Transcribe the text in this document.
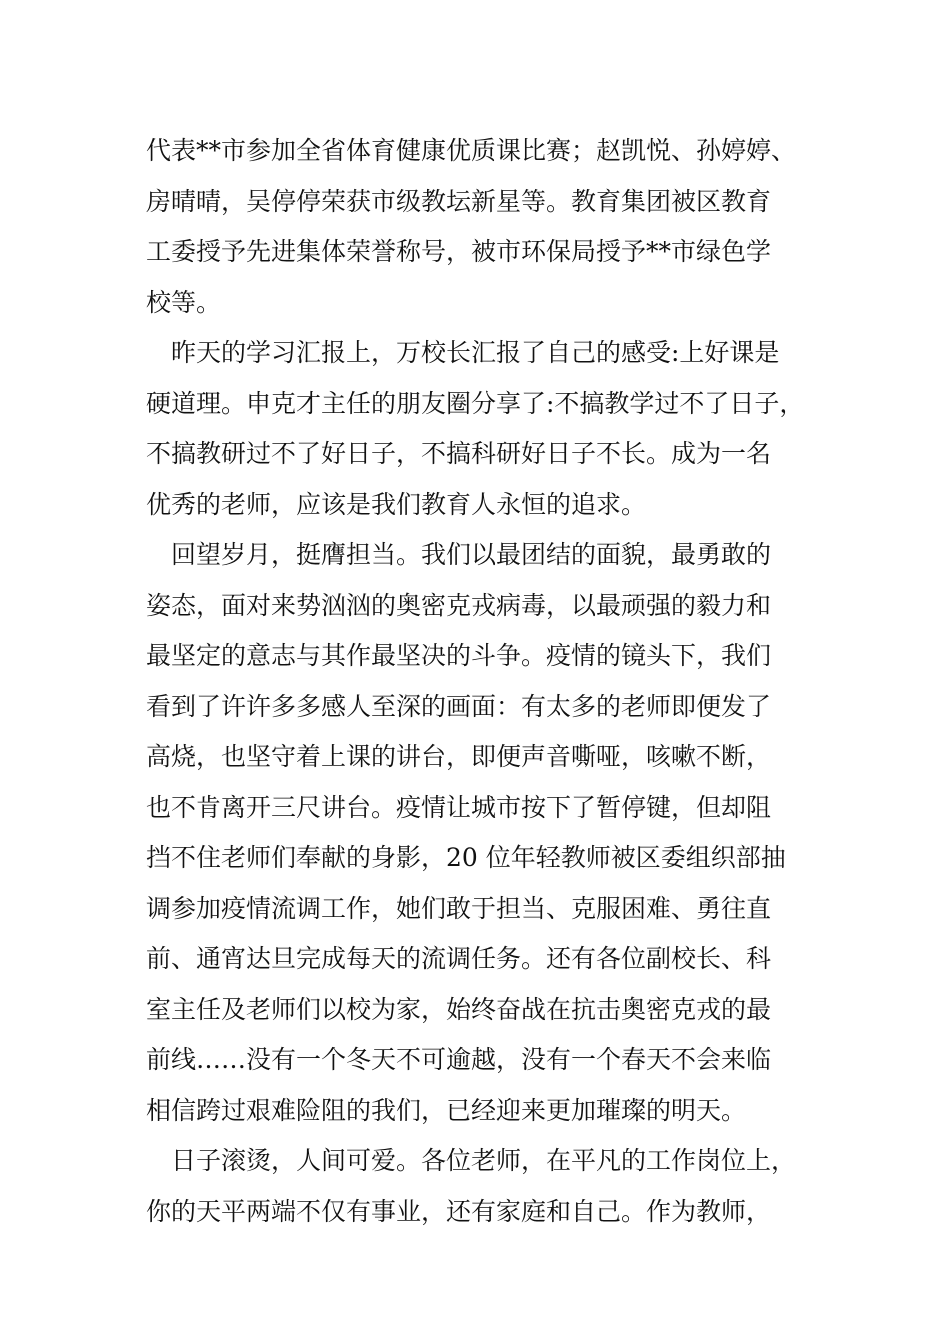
代表**市参加全省体育健康优质课比赛；赵凯悦、孙婷婷、
房晴晴，吴停停荣获市级教坛新星等。教育集团被区教育
工委授予先进集体荣誉称号，被市环保局授予**市绿色学
校等。
　昨天的学习汇报上，万校长汇报了自己的感受:上好课是
硬道理。申克才主任的朋友圈分享了:不搞教学过不了日子，
不搞教研过不了好日子，不搞科研好日子不长。成为一名
优秀的老师，应该是我们教育人永恒的追求。
　回望岁月，挺膺担当。我们以最团结的面貌，最勇敢的
姿态，面对来势汹汹的奥密克戎病毒，以最顽强的毅力和
最坚定的意志与其作最坚决的斗争。疫情的镜头下，我们
看到了许许多多感人至深的画面：有太多的老师即便发了
高烧，也坚守着上课的讲台，即便声音嘶哑，咳嗽不断，
也不肯离开三尺讲台。疫情让城市按下了暂停键，但却阻
挡不住老师们奉献的身影，20 位年轻教师被区委组织部抽
调参加疫情流调工作，她们敢于担当、克服困难、勇往直
前、通宵达旦完成每天的流调任务。还有各位副校长、科
室主任及老师们以校为家，始终奋战在抗击奥密克戎的最
前线……没有一个冬天不可逾越，没有一个春天不会来临
相信跨过艰难险阻的我们，已经迎来更加璀璨的明天。
　日子滚烫，人间可爱。各位老师，在平凡的工作岗位上，
你的天平两端不仅有事业，还有家庭和自己。作为教师，
